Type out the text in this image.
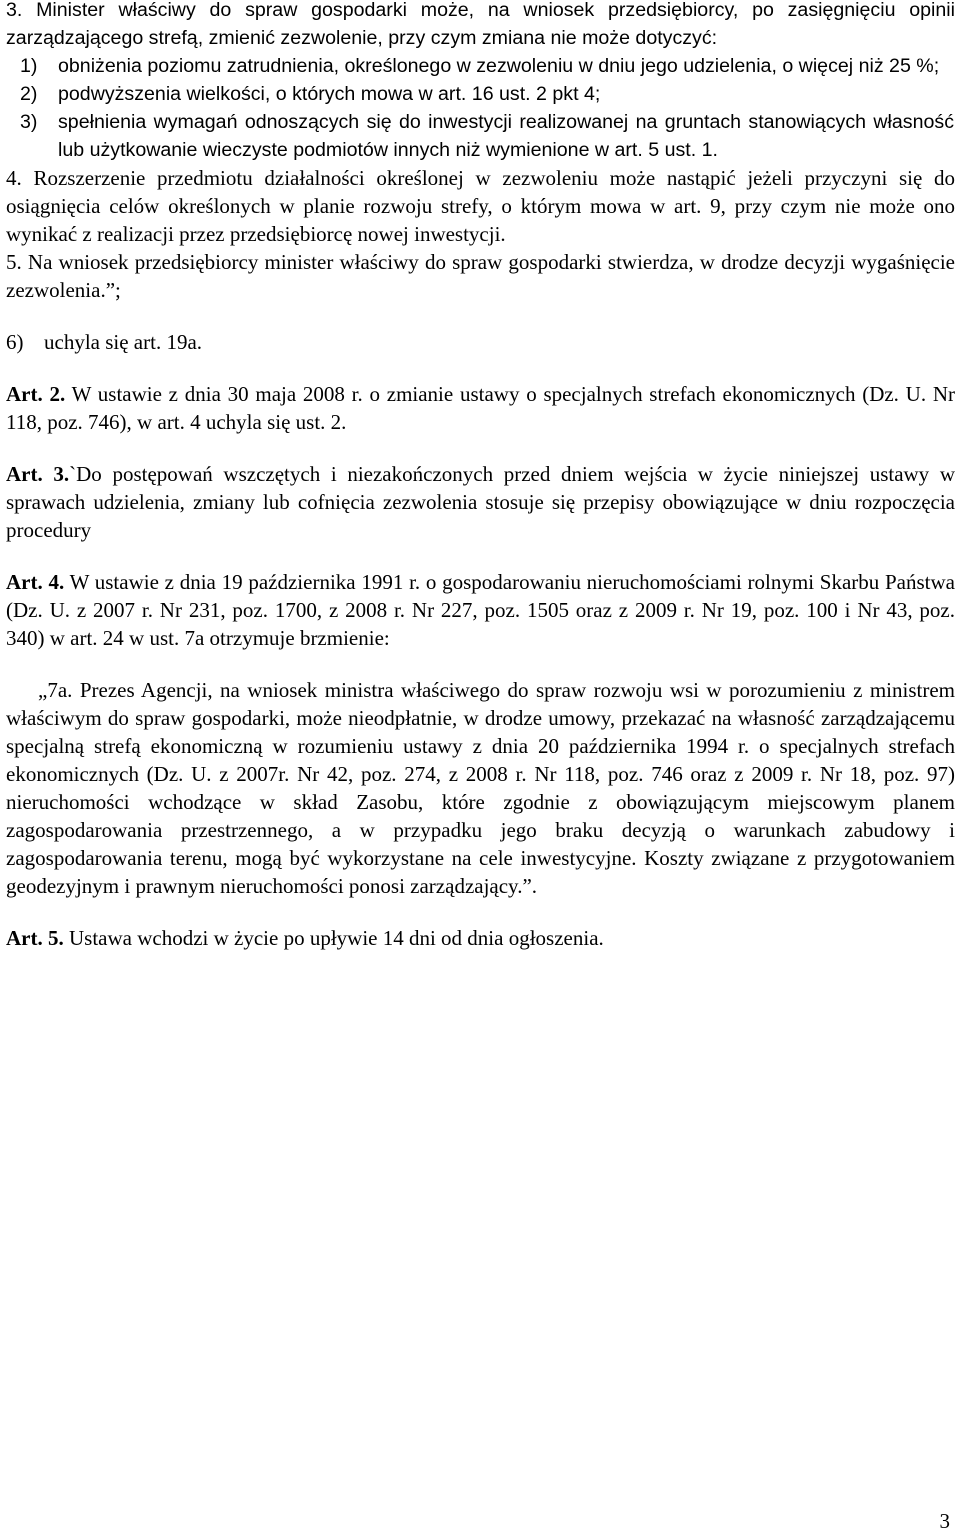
3. Minister właściwy do spraw gospodarki może, na wniosek przedsiębiorcy, po zasięgnięciu opinii zarządzającego strefą, zmienić zezwolenie, przy czym zmiana nie może dotyczyć:

1)	obniżenia poziomu zatrudnienia, określonego w zezwoleniu w dniu jego udzielenia, o więcej niż 25 %;
2)	podwyższenia wielkości, o których mowa w art. 16 ust. 2 pkt 4;
3)	spełnienia wymagań odnoszących się do inwestycji realizowanej na gruntach stanowiących własność lub użytkowanie wieczyste podmiotów innych niż wymienione w art. 5 ust. 1.

4. Rozszerzenie przedmiotu działalności określonej w zezwoleniu może nastąpić jeżeli przyczyni się do osiągnięcia celów określonych w planie rozwoju strefy, o którym mowa w art. 9, przy czym nie może ono wynikać z realizacji przez przedsiębiorcę nowej inwestycji.

5. Na wniosek przedsiębiorcy minister właściwy do spraw gospodarki stwierdza, w drodze decyzji wygaśnięcie zezwolenia.”;

6) uchyla się art. 19a.

Art. 2. W ustawie z dnia 30 maja 2008 r. o zmianie ustawy o specjalnych strefach ekonomicznych (Dz. U. Nr 118, poz. 746), w art. 4 uchyla się ust. 2.

Art. 3.`Do postępowań wszczętych i niezakończonych przed dniem wejścia w życie niniejszej ustawy w sprawach udzielenia, zmiany lub cofnięcia zezwolenia stosuje się przepisy obowiązujące w dniu rozpoczęcia procedury

Art. 4. W ustawie z dnia 19 października 1991 r. o gospodarowaniu nieruchomościami rolnymi Skarbu Państwa (Dz. U. z 2007 r. Nr 231, poz. 1700, z 2008 r. Nr 227, poz. 1505 oraz z 2009 r. Nr 19, poz. 100 i Nr 43, poz. 340) w art. 24 w ust. 7a otrzymuje brzmienie:

„7a. Prezes Agencji, na wniosek ministra właściwego do spraw rozwoju wsi w porozumieniu z ministrem właściwym do spraw gospodarki, może nieodpłatnie, w drodze umowy, przekazać na własność zarządzającemu specjalną strefą ekonomiczną w rozumieniu ustawy z dnia 20 października 1994 r. o specjalnych strefach ekonomicznych (Dz. U. z 2007r. Nr 42, poz. 274, z 2008 r. Nr 118, poz. 746 oraz z 2009 r. Nr 18, poz. 97) nieruchomości wchodzące w skład Zasobu, które zgodnie z obowiązującym miejscowym planem zagospodarowania przestrzennego, a w przypadku jego braku decyzją o warunkach zabudowy i zagospodarowania terenu, mogą być wykorzystane na cele inwestycyjne. Koszty związane z przygotowaniem geodezyjnym i prawnym nieruchomości ponosi zarządzający.”.

Art. 5. Ustawa wchodzi w życie po upływie 14 dni od dnia ogłoszenia.

3
